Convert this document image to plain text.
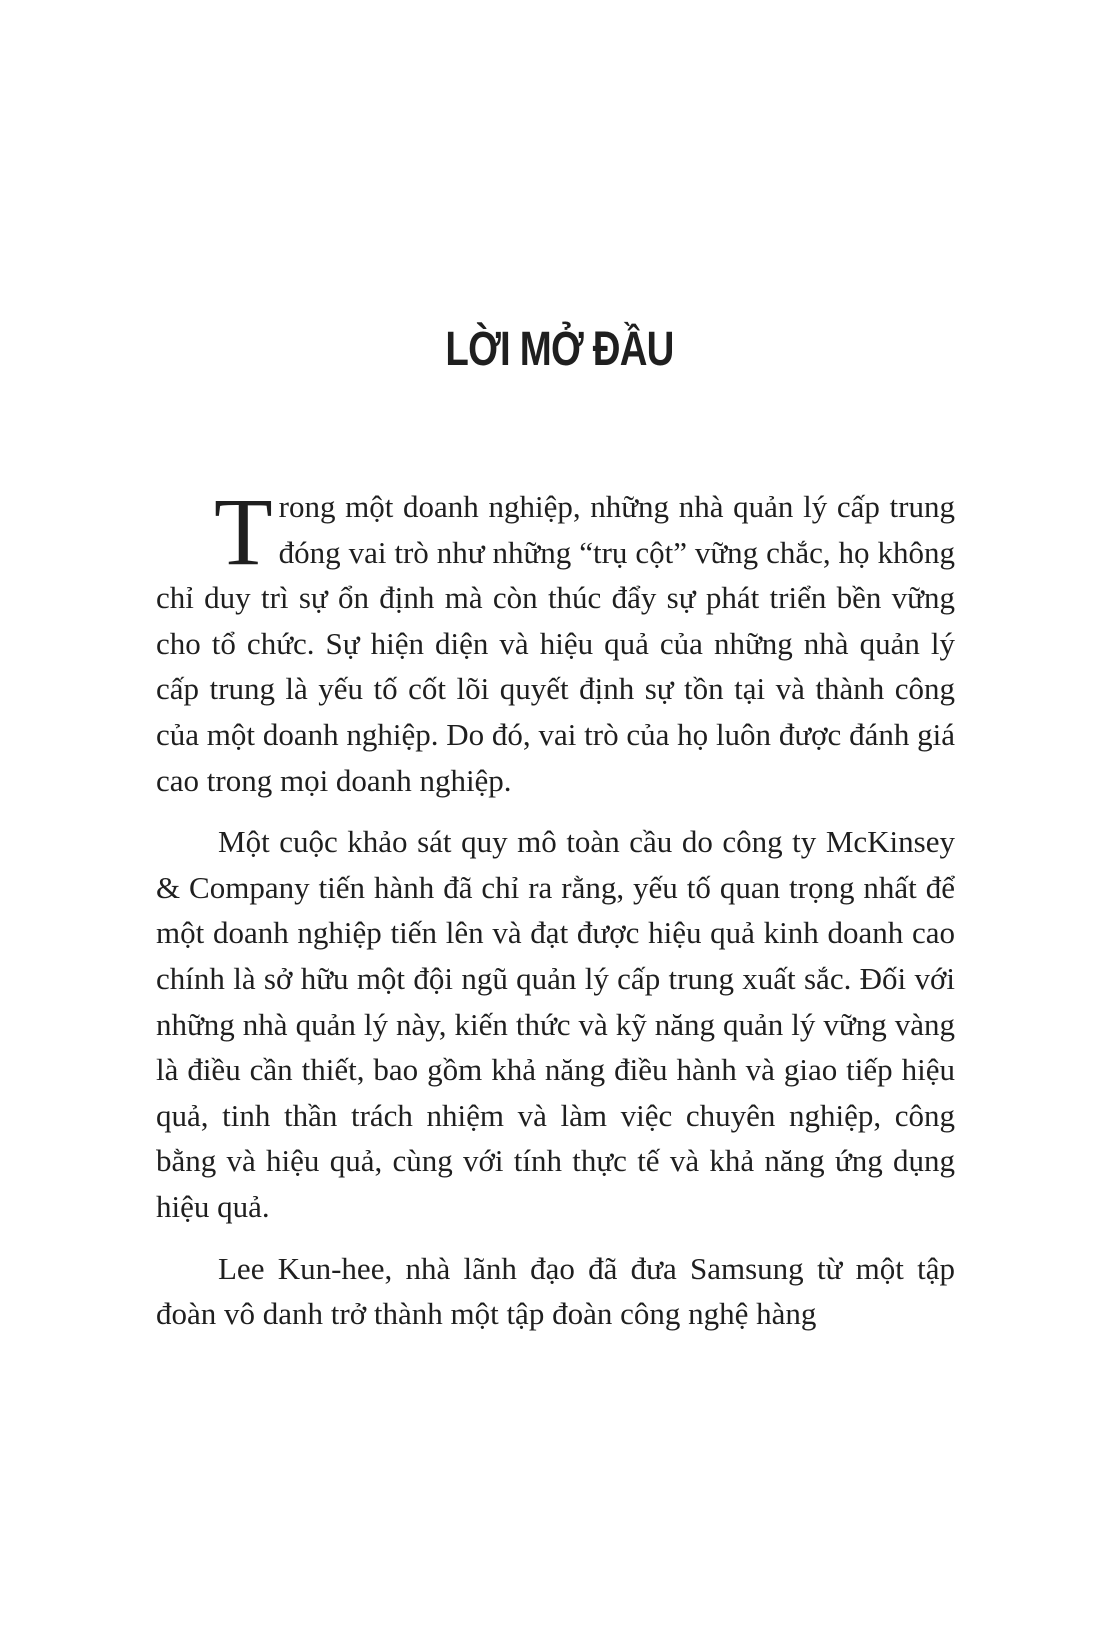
LỜI MỞ ĐẦU

Trong một doanh nghiệp, những nhà quản lý cấp trung đóng vai trò như những “trụ cột” vững chắc, họ không chỉ duy trì sự ổn định mà còn thúc đẩy sự phát triển bền vững cho tổ chức. Sự hiện diện và hiệu quả của những nhà quản lý cấp trung là yếu tố cốt lõi quyết định sự tồn tại và thành công của một doanh nghiệp. Do đó, vai trò của họ luôn được đánh giá cao trong mọi doanh nghiệp.

Một cuộc khảo sát quy mô toàn cầu do công ty McKinsey & Company tiến hành đã chỉ ra rằng, yếu tố quan trọng nhất để một doanh nghiệp tiến lên và đạt được hiệu quả kinh doanh cao chính là sở hữu một đội ngũ quản lý cấp trung xuất sắc. Đối với những nhà quản lý này, kiến thức và kỹ năng quản lý vững vàng là điều cần thiết, bao gồm khả năng điều hành và giao tiếp hiệu quả, tinh thần trách nhiệm và làm việc chuyên nghiệp, công bằng và hiệu quả, cùng với tính thực tế và khả năng ứng dụng hiệu quả.

Lee Kun-hee, nhà lãnh đạo đã đưa Samsung từ một tập đoàn vô danh trở thành một tập đoàn công nghệ hàng
